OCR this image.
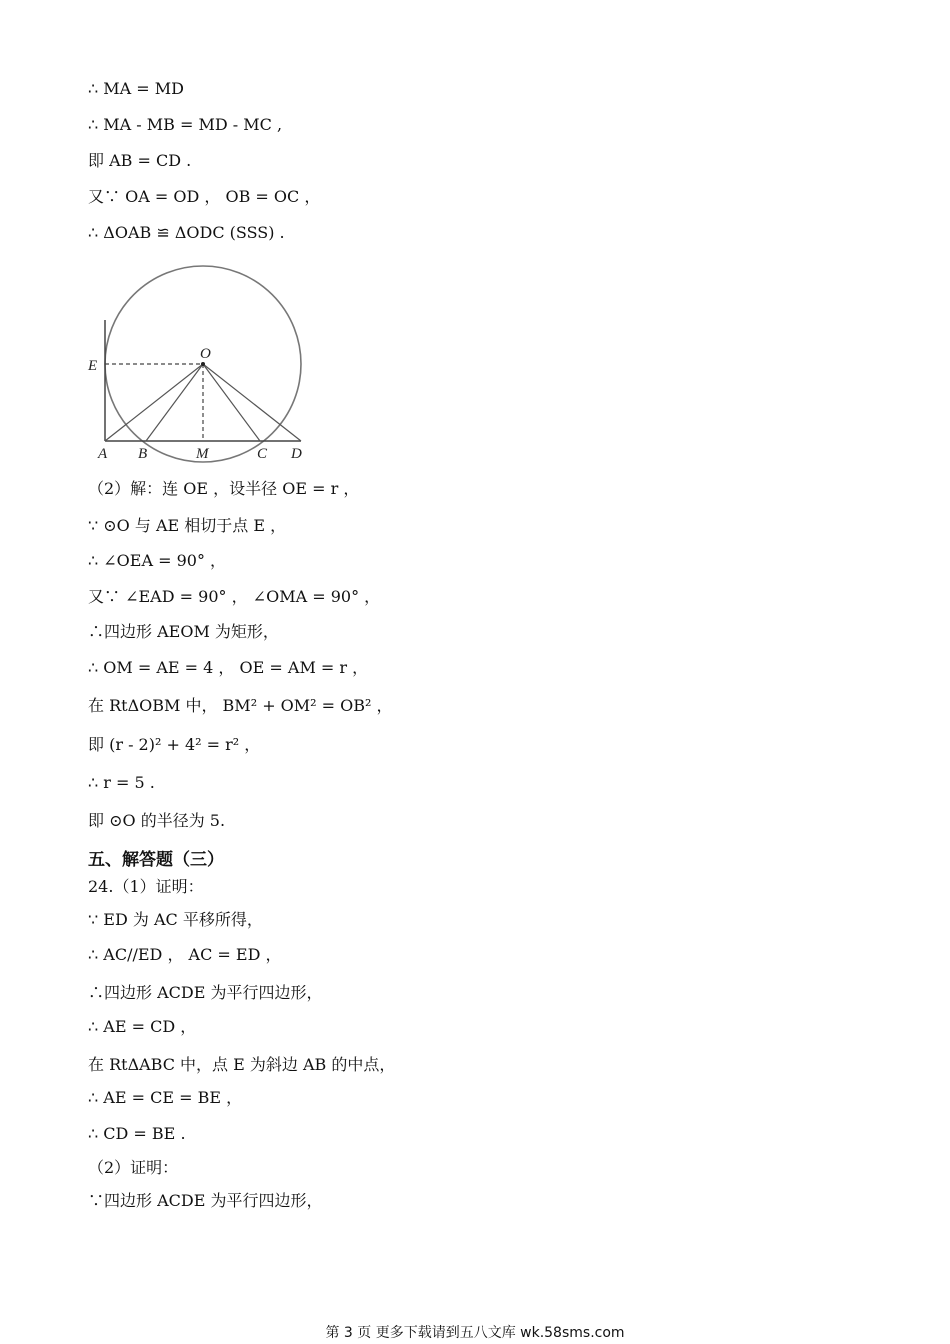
∴ MA = MD
∴ MA - MB = MD - MC ,
即 AB = CD .
又∵ OA = OD ， OB = OC ，
∴ ΔOAB ≌ ΔODC (SSS) .
E
O
A B	M	C D
（2）解：连 OE ，设半径 OE = r ，
∵ ⊙O 与 AE 相切于点 E ，
∴ ∠OEA = 90° ，
又∵ ∠EAD = 90° ， ∠OMA = 90° ，
∴四边形 AEOM 为矩形，
∴ OM = AE = 4 ， OE = AM = r ，
在 RtΔOBM 中， BM² + OM² = OB² ，
即 (r - 2)² + 4² = r² ，
∴ r = 5 .
即 ⊙O 的半径为 5.
五、解答题（三）
24.（1）证明：
∵ ED 为 AC 平移所得，
∴ AC//ED ， AC = ED ，
∴四边形 ACDE 为平行四边形，
∴ AE = CD ，
在 RtΔABC 中，点 E 为斜边 AB 的中点，
∴ AE = CE = BE ，
∴ CD = BE .
（2）证明：
∵四边形 ACDE 为平行四边形，
第 3 页 更多下载请到五八文库 wk.58sms.com
